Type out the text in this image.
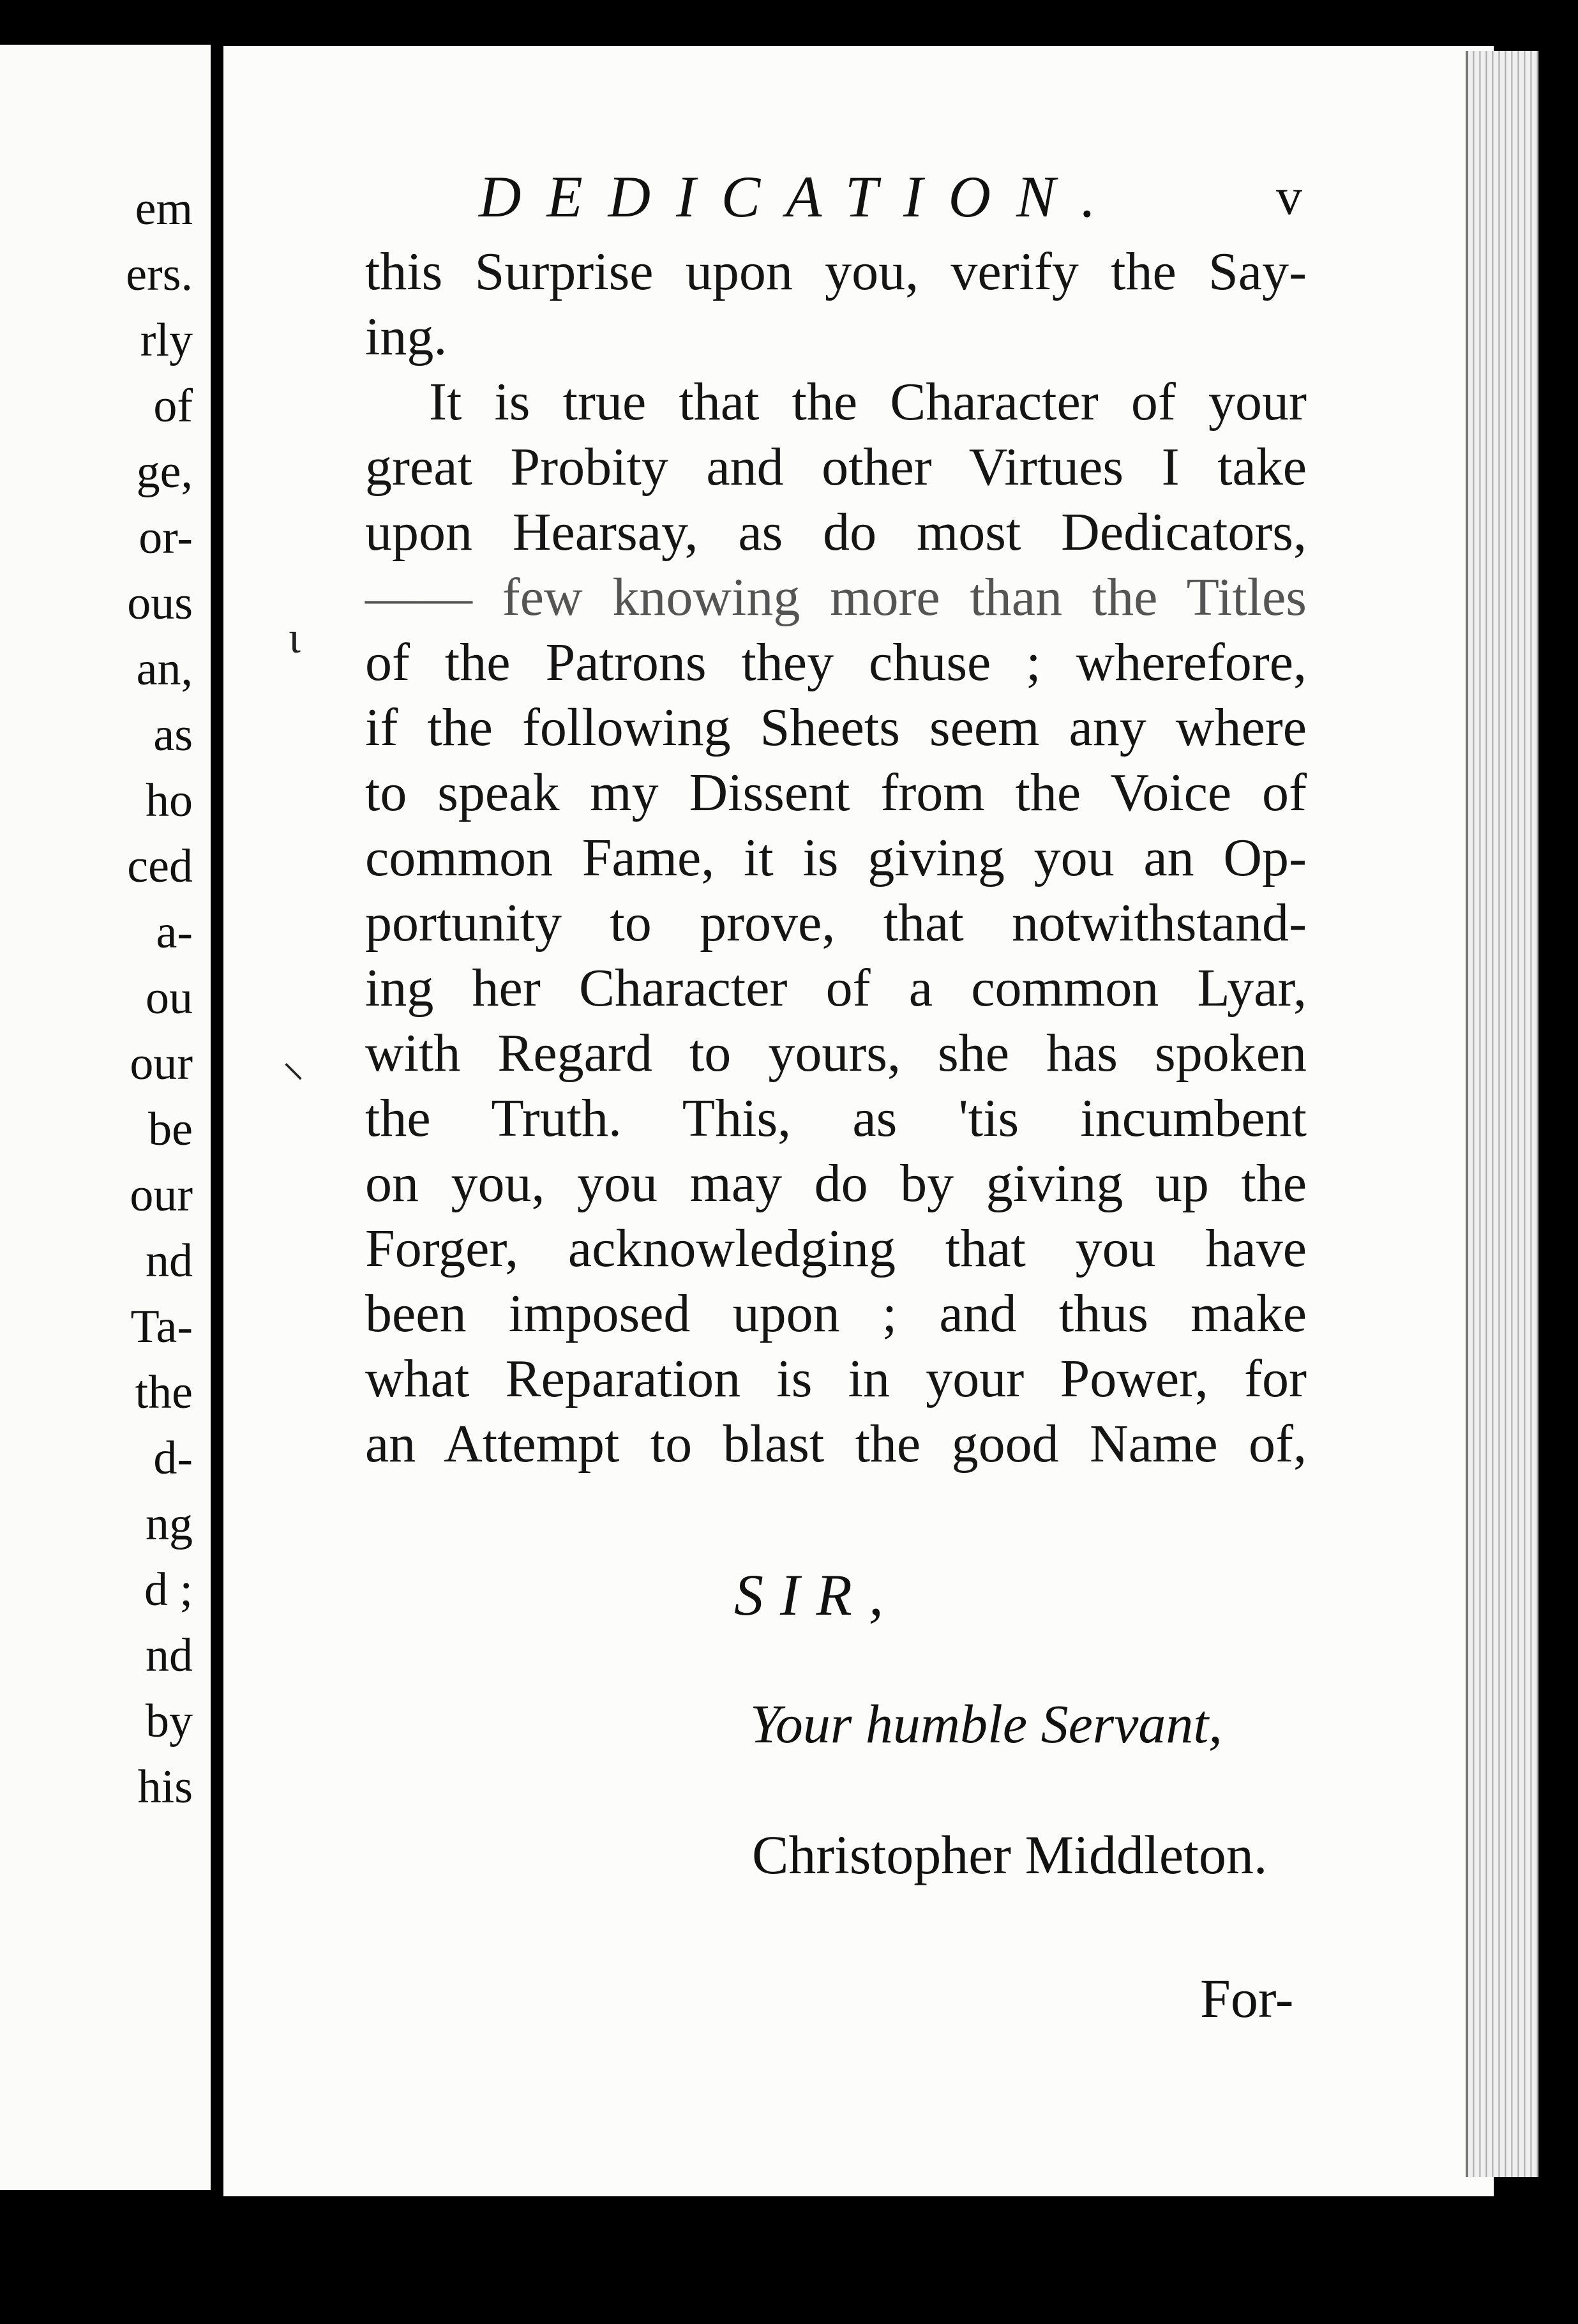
em
ers.
rly
of
ge,
or-
ous
an,
as
ho
ced
a-
ou
our
be
our
nd
Ta-
the
d-
ng
d ;
nd
by
his
DEDICATION.	v
ι
⸌
this Surprise upon you, verify the Say-
ing.
It is true that the Character of your
great Probity and other Virtues I take
upon Hearsay, as do most Dedicators,
—— few knowing more than the Titles
of the Patrons they chuse ; wherefore,
if the following Sheets seem any where
to speak my Dissent from the Voice of
common Fame, it is giving you an Op-
portunity to prove, that notwithstand-
ing her Character of a common Lyar,
with Regard to yours, she has spoken
the Truth. This, as 'tis incumbent
on you, you may do by giving up the
Forger, acknowledging that you have
been imposed upon ; and thus make
what Reparation is in your Power, for
an Attempt to blast the good Name of,
SIR,
Your humble Servant,
Christopher Middleton.
For-
